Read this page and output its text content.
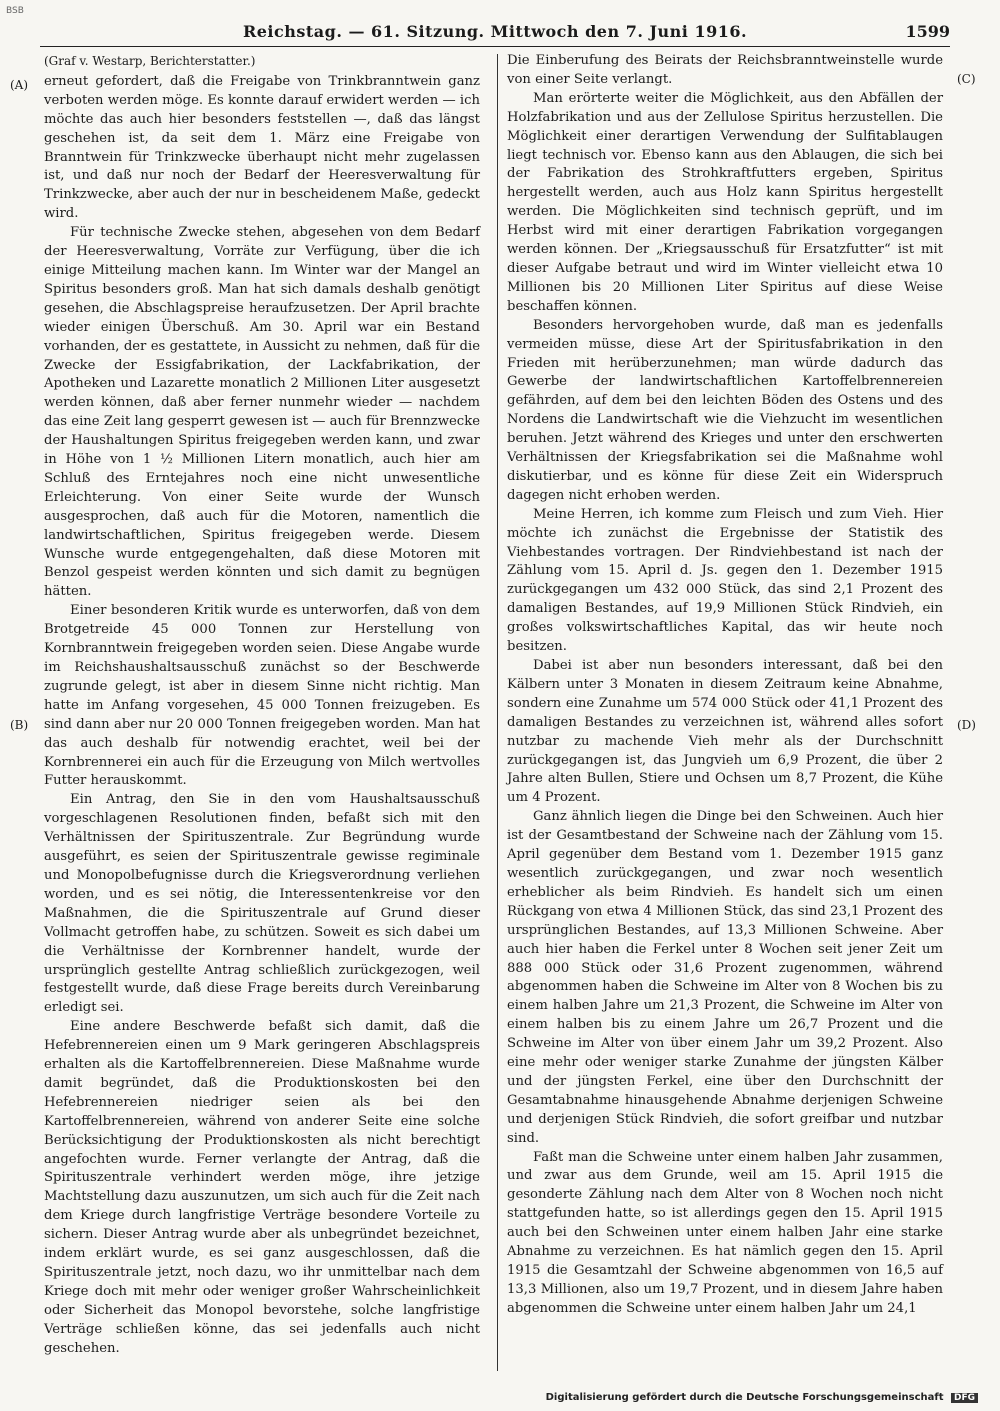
BSB
Reichstag. — 61. Sitzung. Mittwoch den 7. Juni 1916.	1599
(A)
(B)
(C)
(D)
(Graf v. Westarp, Berichterstatter.)

erneut gefordert, daß die Freigabe von Trinkbranntwein ganz verboten werden möge. Es konnte darauf erwidert werden — ich möchte das auch hier besonders feststellen —, daß das längst geschehen ist, da seit dem 1. März eine Freigabe von Branntwein für Trinkzwecke überhaupt nicht mehr zugelassen ist, und daß nur noch der Bedarf der Heeresverwaltung für Trinkzwecke, aber auch der nur in bescheidenem Maße, gedeckt wird.

Für technische Zwecke stehen, abgesehen von dem Bedarf der Heeresverwaltung, Vorräte zur Verfügung, über die ich einige Mitteilung machen kann. Im Winter war der Mangel an Spiritus besonders groß. Man hat sich damals deshalb genötigt gesehen, die Abschlagspreise heraufzusetzen. Der April brachte wieder einigen Überschuß. Am 30. April war ein Bestand vorhanden, der es gestattete, in Aussicht zu nehmen, daß für die Zwecke der Essigfabrikation, der Lackfabrikation, der Apotheken und Lazarette monatlich 2 Millionen Liter ausgesetzt werden können, daß aber ferner nunmehr wieder — nachdem das eine Zeit lang gesperrt gewesen ist — auch für Brennzwecke der Haushaltungen Spiritus freigegeben werden kann, und zwar in Höhe von 1 ½ Millionen Litern monatlich, auch hier am Schluß des Erntejahres noch eine nicht unwesentliche Erleichterung. Von einer Seite wurde der Wunsch ausgesprochen, daß auch für die Motoren, namentlich die landwirtschaftlichen, Spiritus freigegeben werde. Diesem Wunsche wurde entgegengehalten, daß diese Motoren mit Benzol gespeist werden könnten und sich damit zu begnügen hätten.

Einer besonderen Kritik wurde es unterworfen, daß von dem Brotgetreide 45 000 Tonnen zur Herstellung von Kornbranntwein freigegeben worden seien. Diese Angabe wurde im Reichshaushaltsausschuß zunächst so der Beschwerde zugrunde gelegt, ist aber in diesem Sinne nicht richtig. Man hatte im Anfang vorgesehen, 45 000 Tonnen freizugeben. Es sind dann aber nur 20 000 Tonnen freigegeben worden. Man hat das auch deshalb für notwendig erachtet, weil bei der Kornbrennerei ein auch für die Erzeugung von Milch wertvolles Futter herauskommt.

Ein Antrag, den Sie in den vom Haushaltsausschuß vorgeschlagenen Resolutionen finden, befaßt sich mit den Verhältnissen der Spirituszentrale. Zur Begründung wurde ausgeführt, es seien der Spirituszentrale gewisse regiminale und Monopolbefugnisse durch die Kriegsverordnung verliehen worden, und es sei nötig, die Interessentenkreise vor den Maßnahmen, die die Spirituszentrale auf Grund dieser Vollmacht getroffen habe, zu schützen. Soweit es sich dabei um die Verhältnisse der Kornbrenner handelt, wurde der ursprünglich gestellte Antrag schließlich zurückgezogen, weil festgestellt wurde, daß diese Frage bereits durch Vereinbarung erledigt sei.

Eine andere Beschwerde befaßt sich damit, daß die Hefebrennereien einen um 9 Mark geringeren Abschlagspreis erhalten als die Kartoffelbrennereien. Diese Maßnahme wurde damit begründet, daß die Produktionskosten bei den Hefebrennereien niedriger seien als bei den Kartoffelbrennereien, während von anderer Seite eine solche Berücksichtigung der Produktionskosten als nicht berechtigt angefochten wurde. Ferner verlangte der Antrag, daß die Spirituszentrale verhindert werden möge, ihre jetzige Machtstellung dazu auszunutzen, um sich auch für die Zeit nach dem Kriege durch langfristige Verträge besondere Vorteile zu sichern. Dieser Antrag wurde aber als unbegründet bezeichnet, indem erklärt wurde, es sei ganz ausgeschlossen, daß die Spirituszentrale jetzt, noch dazu, wo ihr unmittelbar nach dem Kriege doch mit mehr oder weniger großer Wahrscheinlichkeit oder Sicherheit das Monopol bevorstehe, solche langfristige Verträge schließen könne, das sei jedenfalls auch nicht geschehen.

Die Einberufung des Beirats der Reichsbranntweinstelle wurde von einer Seite verlangt.

Man erörterte weiter die Möglichkeit, aus den Abfällen der Holzfabrikation und aus der Zellulose Spiritus herzustellen. Die Möglichkeit einer derartigen Verwendung der Sulfitablaugen liegt technisch vor. Ebenso kann aus den Ablaugen, die sich bei der Fabrikation des Strohkraftfutters ergeben, Spiritus hergestellt werden, auch aus Holz kann Spiritus hergestellt werden. Die Möglichkeiten sind technisch geprüft, und im Herbst wird mit einer derartigen Fabrikation vorgegangen werden können. Der „Kriegsausschuß für Ersatzfutter“ ist mit dieser Aufgabe betraut und wird im Winter vielleicht etwa 10 Millionen bis 20 Millionen Liter Spiritus auf diese Weise beschaffen können.

Besonders hervorgehoben wurde, daß man es jedenfalls vermeiden müsse, diese Art der Spiritusfabrikation in den Frieden mit herüberzunehmen; man würde dadurch das Gewerbe der landwirtschaftlichen Kartoffelbrennereien gefährden, auf dem bei den leichten Böden des Ostens und des Nordens die Landwirtschaft wie die Viehzucht im wesentlichen beruhen. Jetzt während des Krieges und unter den erschwerten Verhältnissen der Kriegsfabrikation sei die Maßnahme wohl diskutierbar, und es könne für diese Zeit ein Widerspruch dagegen nicht erhoben werden.

Meine Herren, ich komme zum Fleisch und zum Vieh. Hier möchte ich zunächst die Ergebnisse der Statistik des Viehbestandes vortragen. Der Rindviehbestand ist nach der Zählung vom 15. April d. Js. gegen den 1. Dezember 1915 zurückgegangen um 432 000 Stück, das sind 2,1 Prozent des damaligen Bestandes, auf 19,9 Millionen Stück Rindvieh, ein großes volkswirtschaftliches Kapital, das wir heute noch besitzen.

Dabei ist aber nun besonders interessant, daß bei den Kälbern unter 3 Monaten in diesem Zeitraum keine Abnahme, sondern eine Zunahme um 574 000 Stück oder 41,1 Prozent des damaligen Bestandes zu verzeichnen ist, während alles sofort nutzbar zu machende Vieh mehr als der Durchschnitt zurückgegangen ist, das Jungvieh um 6,9 Prozent, die über 2 Jahre alten Bullen, Stiere und Ochsen um 8,7 Prozent, die Kühe um 4 Prozent.

Ganz ähnlich liegen die Dinge bei den Schweinen. Auch hier ist der Gesamtbestand der Schweine nach der Zählung vom 15. April gegenüber dem Bestand vom 1. Dezember 1915 ganz wesentlich zurückgegangen, und zwar noch wesentlich erheblicher als beim Rindvieh. Es handelt sich um einen Rückgang von etwa 4 Millionen Stück, das sind 23,1 Prozent des ursprünglichen Bestandes, auf 13,3 Millionen Schweine. Aber auch hier haben die Ferkel unter 8 Wochen seit jener Zeit um 888 000 Stück oder 31,6 Prozent zugenommen, während abgenommen haben die Schweine im Alter von 8 Wochen bis zu einem halben Jahre um 21,3 Prozent, die Schweine im Alter von einem halben bis zu einem Jahre um 26,7 Prozent und die Schweine im Alter von über einem Jahr um 39,2 Prozent. Also eine mehr oder weniger starke Zunahme der jüngsten Kälber und der jüngsten Ferkel, eine über den Durchschnitt der Gesamtabnahme hinausgehende Abnahme derjenigen Schweine und derjenigen Stück Rindvieh, die sofort greifbar und nutzbar sind.

Faßt man die Schweine unter einem halben Jahr zusammen, und zwar aus dem Grunde, weil am 15. April 1915 die gesonderte Zählung nach dem Alter von 8 Wochen noch nicht stattgefunden hatte, so ist allerdings gegen den 15. April 1915 auch bei den Schweinen unter einem halben Jahr eine starke Abnahme zu verzeichnen. Es hat nämlich gegen den 15. April 1915 die Gesamtzahl der Schweine abgenommen von 16,5 auf 13,3 Millionen, also um 19,7 Prozent, und in diesem Jahre haben abgenommen die Schweine unter einem halben Jahr um 24,1

Digitalisierung gefördert durch die Deutsche Forschungsgemeinschaft DFG
